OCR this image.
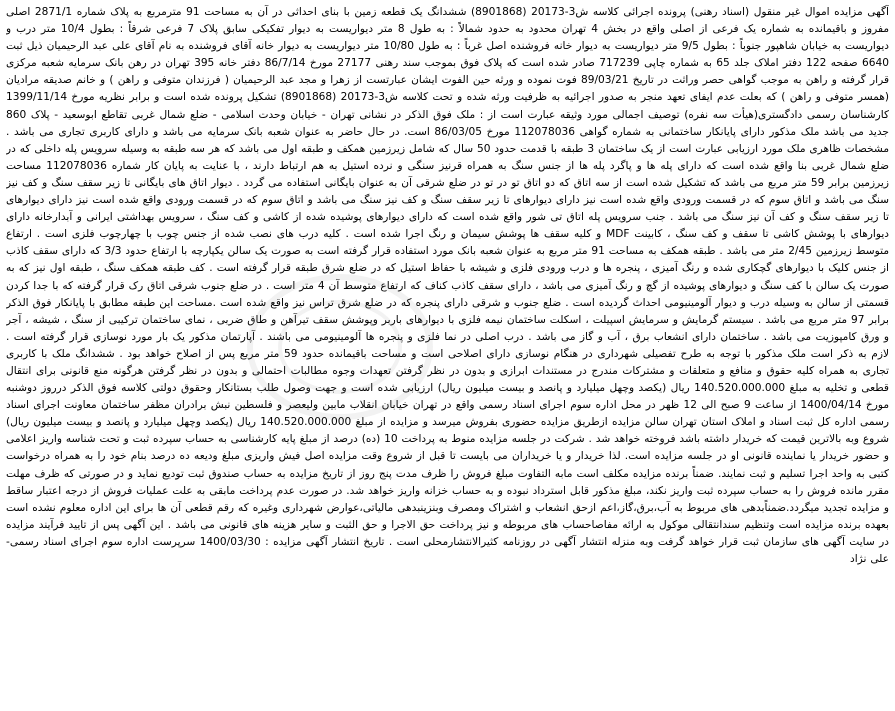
آگهی مزایده اموال غیر منقول (اسناد رهنی) پرونده اجرائی کلاسه ش3-20173 (8901868) ششدانگ یک قطعه زمین با بنای احداثی در آن به مساحت 91 مترمربع به پلاک شماره 2871/1 اصلی مفروز و باقیمانده به شماره یک فرعی از اصلی واقع در بخش 4 تهران محدود به حدود شمالاً : به طول 8 متر دیواریست به دیوار تفکیکی سابق پلاک 7 فرعی شرقاً : بطول 10/4 متر درب و دیواریست به خیابان شاهپور جنوباً : بطول 9/5 متر دیواریست به دیوار خانه فروشنده اصل غرباً : به طول 10/80 متر دیواریست به دیوار خانه آقای فروشنده به نام آقای علی عبد الرحیمیان ذیل ثبت 6640 صفحه 122 دفتر املاک جلد 65 به شماره چاپی 717239 صادر شده است که پلاک فوق بموجب سند رهنی 27177 مورخ 86/7/14 دفتر خانه 395 تهران در رهن بانک سرمایه شعبه مرکزی قرار گرفته و راهن به موجب گواهی حصر وراثت در تاریخ 89/03/21 فوت نموده و ورثه حین الفوت ایشان عبارتست از زهرا و مجد عبد الرحیمیان ( فرزندان متوفی و راهن ) و خانم صدیقه مرادیان (همسر متوفی و راهن ) که بعلت عدم ایفای تعهد منجر به صدور اجرائیه به ظرفیت ورثه شده و تحت کلاسه ش3-20173 (8901868) تشکیل پرونده شده است و برابر نظریه مورخ 1399/11/14 کارشناسان رسمی دادگستری(هیأت سه نفره) توصیف اجمالی مورد وثیقه عبارت است از : ملک فوق الذکر در نشانی تهران - خیابان وحدت اسلامی - ضلع شمال غربی تقاطع ابوسعید - پلاک 860 جدید می باشد ملک مذکور دارای پایانکار ساختمانی به شماره گواهی 112078036 مورخ 86/03/05 است. در حال حاضر به عنوان شعبه بانک سرمایه می باشد و دارای کاربری تجاری می باشد . مشخصات ظاهری ملک مورد ارزیابی عبارت است از یک ساختمان 3 طبقه با قدمت حدود 50 سال که شامل زیرزمین همکف و طبقه اول می باشد که هر سه طبقه به وسیله سرویس پله داخلی که در ضلع شمال غربی بنا واقع شده است که دارای پله ها و پاگرد پله ها از جنس سنگ به همراه قرنیز سنگی و نرده استیل به هم ارتباط دارند ، با عنایت به پایان کار شماره 112078036 مساحت زیرزمین برابر 59 متر مربع می باشد که تشکیل شده است از سه اتاق که دو اتاق تو در تو در ضلع شرقی آن به عنوان بایگانی استفاده می گردد . دیوار اتاق های بایگانی تا زیر سقف سنگ و کف نیز سنگ می باشد و اتاق سوم که در قسمت ورودی واقع شده است نیز دارای دیوارهای تا زیر سقف سنگ و کف نیز سنگ می باشد و اتاق سوم که در قسمت ورودی واقع شده است نیز دارای دیوارهای تا زیر سقف سنگ و کف آن نیز سنگ می باشد . جنب سرویس پله اتاق تی شور واقع شده است که دارای دیوارهای پوشیده شده از کاشی و کف سنگ ، سرویس بهداشتی ایرانی و آبدارخانه دارای دیوارهای با پوشش کاشی تا سقف و کف سنگ ، کابینت MDF و کلیه سقف ها پوشش سیمان و رنگ اجرا شده است . کلیه درب های نصب شده از جنس چوب با چهارچوب فلزی است . ارتفاع متوسط زیرزمین 2/45 متر می باشد . طبقه همکف به مساحت 91 متر مربع به عنوان شعبه بانک مورد استفاده قرار گرفته است به صورت یک سالن یکپارچه با ارتفاع حدود 3/3 که دارای سقف کاذب از جنس کلیک با دیوارهای گچکاری شده و رنگ آمیزی ، پنجره ها و درب ورودی فلزی و شیشه با حفاظ استیل که در ضلع شرق طبقه قرار گرفته است . کف طبقه همکف سنگ ، طبقه اول نیز که به صورت یک سالن با کف سنگ و دیوارهای پوشیده از گچ و رنگ آمیزی می باشد ، دارای سقف کاذب کناف که ارتفاع متوسط آن 4 متر است . در ضلع جنوب شرقی اتاق رک قرار گرفته که با جدا کردن قسمتی از سالن به وسیله درب و دیوار آلومینیومی احداث گردیده است . ضلع جنوب و شرقی دارای پنجره که در ضلع شرق تراس نیز واقع شده است .مساحت این طبقه مطابق با پایانکار فوق الذکر برابر 97 متر مربع می باشد . سیستم گرمایش و سرمایش اسپیلت ، اسکلت ساختمان نیمه فلزی با دیوارهای باربر وپوشش سقف تیرآهن و طاق ضربی ، نمای ساختمان ترکیبی از سنگ ، شیشه ، آجر و ورق کامپوزیت می باشد . ساختمان دارای انشعاب برق ، آب و گاز می باشد . درب اصلی در نما فلزی و پنجره ها آلومینیومی می باشند . آپارتمان مذکور یک بار مورد نوسازی قرار گرفته است . لازم به ذکر است ملک مذکور با توجه به طرح تفصیلی شهرداری در هنگام نوسازی دارای اصلاحی است و مساحت باقیمانده حدود 59 متر مربع پس از اصلاح خواهد بود . ششدانگ ملک با کاربری تجاری به همراه کلیه حقوق و منافع و متعلقات و مشترکات مندرج در مستندات ابرازی و بدون در نظر گرفتن تعهدات وجوه مطالبات احتمالی و بدون در نظر گرفتن هرگونه منع قانونی برای انتقال قطعی و تخلیه به مبلغ 140.520.000.000 ریال (یکصد وچهل میلیارد و پانصد و بیست میلیون ریال) ارزیابی شده است و جهت وصول طلب بستانکار وحقوق دولتی کلاسه فوق الذکر درروز دوشنبه مورخ 1400/04/14 از ساعت 9 صبح الی 12 ظهر در محل اداره سوم اجرای اسناد رسمی واقع در تهران خیابان انقلاب مابین ولیعصر و فلسطین نبش برادران مظفر ساختمان معاونت اجرای اسناد رسمی اداره کل ثبت اسناد و املاک استان تهران سالن مزایده ازطریق مزایده حضوری بفروش میرسد و مزایده از مبلغ 140.520.000.000 ریال (یکصد وچهل میلیارد و پانصد و بیست میلیون ریال) شروع وبه بالاترین قیمت که خریدار داشته باشد فروخته خواهد شد . شرکت در جلسه مزایده منوط به پرداخت 10 (ده) درصد از مبلغ پایه کارشناسی به حساب سپرده ثبت و تحت شناسه واریز اعلامی و حضور خریدار یا نماینده قانونی او در جلسه مزایده است. لذا خریدار و یا خریداران می بایست تا قبل از شروع وقت مزایده اصل فیش واریزی مبلغ ودیعه ده درصد بنام خود را به همراه درخواست کتبی به واحد اجرا تسلیم و ثبت نمایند. ضمناً برنده مزایده مکلف است مابه التفاوت مبلغ فروش را ظرف مدت پنج روز از تاریخ مزایده به حساب صندوق ثبت تودیع نماید و در صورتی که ظرف مهلت مقرر مانده فروش را به حساب سپرده ثبت واریز نکند، مبلغ مذکور قابل استرداد نبوده و به حساب خزانه واریز خواهد شد. در صورت عدم پرداخت مابقی به علت عملیات فروش از درجه اعتبار ساقط و مزایده تجدید میگردد.ضمناًبدهی های مربوط به آب،برق،گاز،اعم ازحق انشعاب و اشتراک ومصرف وبنزینبدهی مالیاتی،عوارض شهرداری وغیره که رقم قطعی آن ها برای این اداره معلوم نشده است بعهده برنده مزایده است وتنظیم سندانتقالی موکول به ارائه مفاصاحساب های مربوطه و نیز پرداخت حق الاجرا و حق الثبت و سایر هزینه های قانونی می باشد . این آگهی پس از تایید فرآیند مزایده در سایت آگهی های سازمان ثبت قرار خواهد گرفت وبه منزله انتشار آگهی در روزنامه کثیرالانتشارمحلی است . تاریخ انتشار آگهی مزایده : 1400/03/30 سرپرست اداره سوم اجرای اسناد رسمی-علی نژاد
